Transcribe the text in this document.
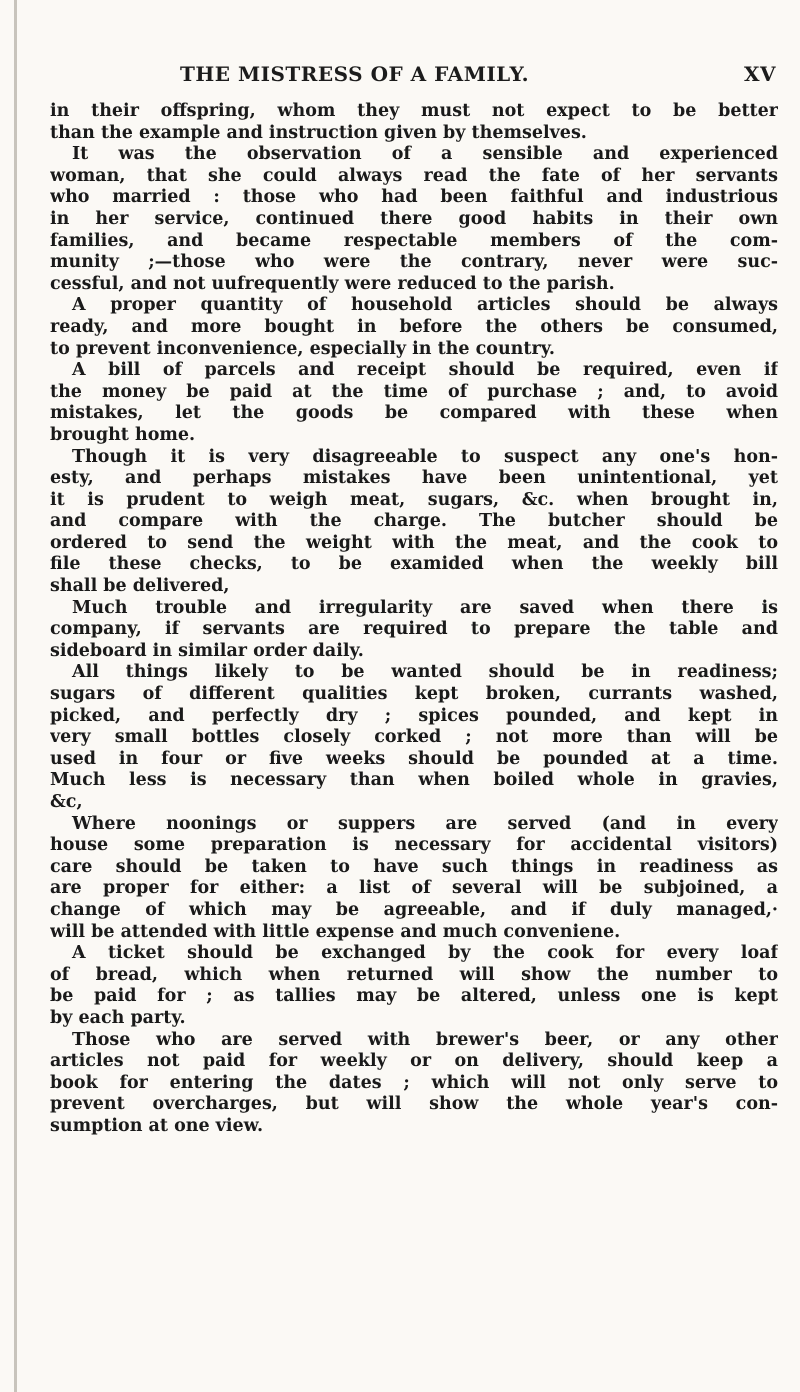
THE MISTRESS OF A FAMILY.	XV
in their offspring, whom they must not expect to be better
than the example and instruction given by themselves.
It was the observation of a sensible and experienced
woman, that she could always read the fate of her servants
who married : those who had been faithful and industrious
in her service, continued there good habits in their own
families, and became respectable members of the com-
munity ;—those who were the contrary, never were suc-
cessful, and not uufrequently were reduced to the parish.
A proper quantity of household articles should be always
ready, and more bought in before the others be consumed,
to prevent inconvenience, especially in the country.
A bill of parcels and receipt should be required, even if
the money be paid at the time of purchase ; and, to avoid
mistakes, let the goods be compared with these when
brought home.
Though it is very disagreeable to suspect any one's hon-
esty, and perhaps mistakes have been unintentional, yet
it is prudent to weigh meat, sugars, &c. when brought in,
and compare with the charge. The butcher should be
ordered to send the weight with the meat, and the cook to
file these checks, to be examided when the weekly bill
shall be delivered,
Much trouble and irregularity are saved when there is
company, if servants are required to prepare the table and
sideboard in similar order daily.
All things likely to be wanted should be in readiness;
sugars of different qualities kept broken, currants washed,
picked, and perfectly dry ; spices pounded, and kept in
very small bottles closely corked ; not more than will be
used in four or five weeks should be pounded at a time.
Much less is necessary than when boiled whole in gravies,
&c,
Where noonings or suppers are served (and in every
house some preparation is necessary for accidental visitors)
care should be taken to have such things in readiness as
are proper for either: a list of several will be subjoined, a
change of which may be agreeable, and if duly managed,·
will be attended with little expense and much conveniene.
A ticket should be exchanged by the cook for every loaf
of bread, which when returned will show the number to
be paid for ; as tallies may be altered, unless one is kept
by each party.
Those who are served with brewer's beer, or any other
articles not paid for weekly or on delivery, should keep a
book for entering the dates ; which will not only serve to
prevent overcharges, but will show the whole year's con-
sumption at one view.
